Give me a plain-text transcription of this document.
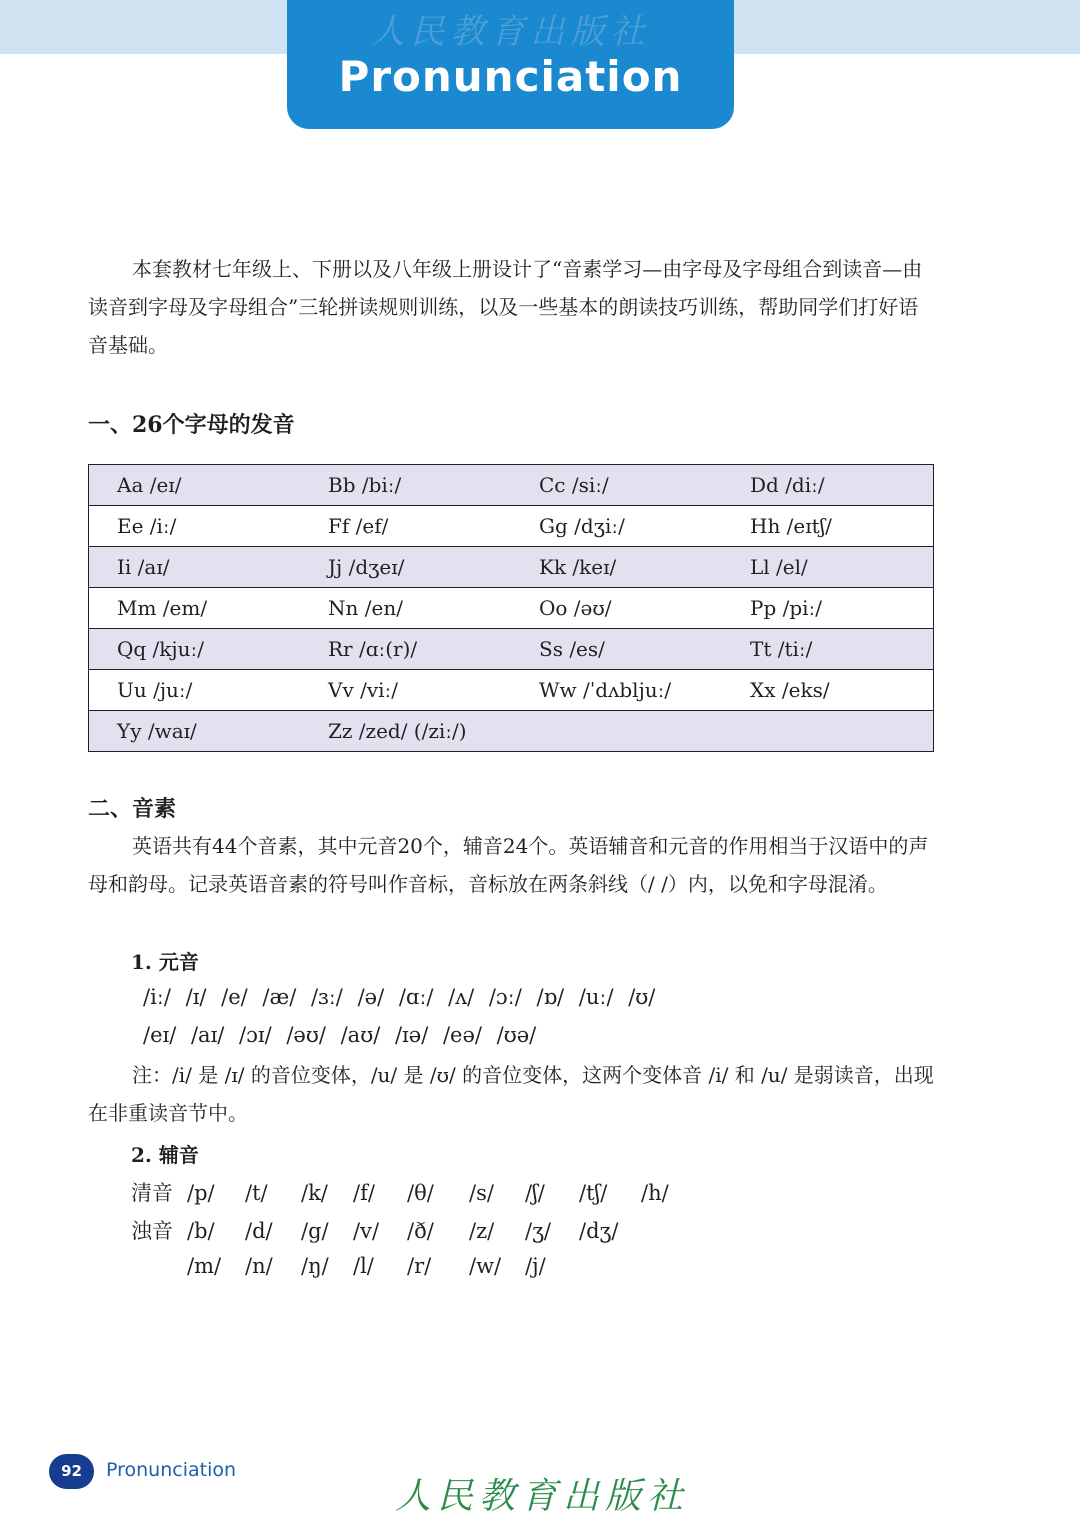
人民教育出版社
Pronunciation

本套教材七年级上、下册以及八年级上册设计了“音素学习—由字母及字母组合到读音—由读音到字母及字母组合”三轮拼读规则训练，以及一些基本的朗读技巧训练，帮助同学们打好语音基础。

一、26个字母的发音
Aa /eɪ/	Bb /biː/	Cc /siː/	Dd /diː/
Ee /iː/	Ff /ef/	Gg /dʒiː/	Hh /eɪtʃ/
Ii /aɪ/	Jj /dʒeɪ/	Kk /keɪ/	Ll /el/
Mm /em/	Nn /en/	Oo /əʊ/	Pp /piː/
Qq /kjuː/	Rr /ɑː(r)/	Ss /es/	Tt /tiː/
Uu /juː/	Vv /viː/	Ww /ˈdʌbljuː/	Xx /eks/
Yy /waɪ/	Zz /zed/ (/ziː/)		
二、音素

英语共有44个音素，其中元音20个，辅音24个。英语辅音和元音的作用相当于汉语中的声母和韵母。记录英语音素的符号叫作音标，音标放在两条斜线（/ /）内，以免和字母混淆。

1. 元音
/iː/ /ɪ/ /e/ /æ/ /ɜː/ /ə/ /ɑː/ /ʌ/ /ɔː/ /ɒ/ /uː/ /ʊ/
/eɪ/ /aɪ/ /ɔɪ/ /əʊ/ /aʊ/ /ɪə/ /eə/ /ʊə/

注：/i/ 是 /ɪ/ 的音位变体，/u/ 是 /ʊ/ 的音位变体，这两个变体音 /i/ 和 /u/ 是弱读音，出现在非重读音节中。

2. 辅音
清音 /p/ /t/ /k/ /f/ /θ/ /s/ /ʃ/ /tʃ/ /h/
浊音 /b/ /d/ /g/ /v/ /ð/ /z/ /ʒ/ /dʒ/
/m/ /n/ /ŋ/ /l/ /r/ /w/ /j/
92	Pronunciation
人民教育出版社
